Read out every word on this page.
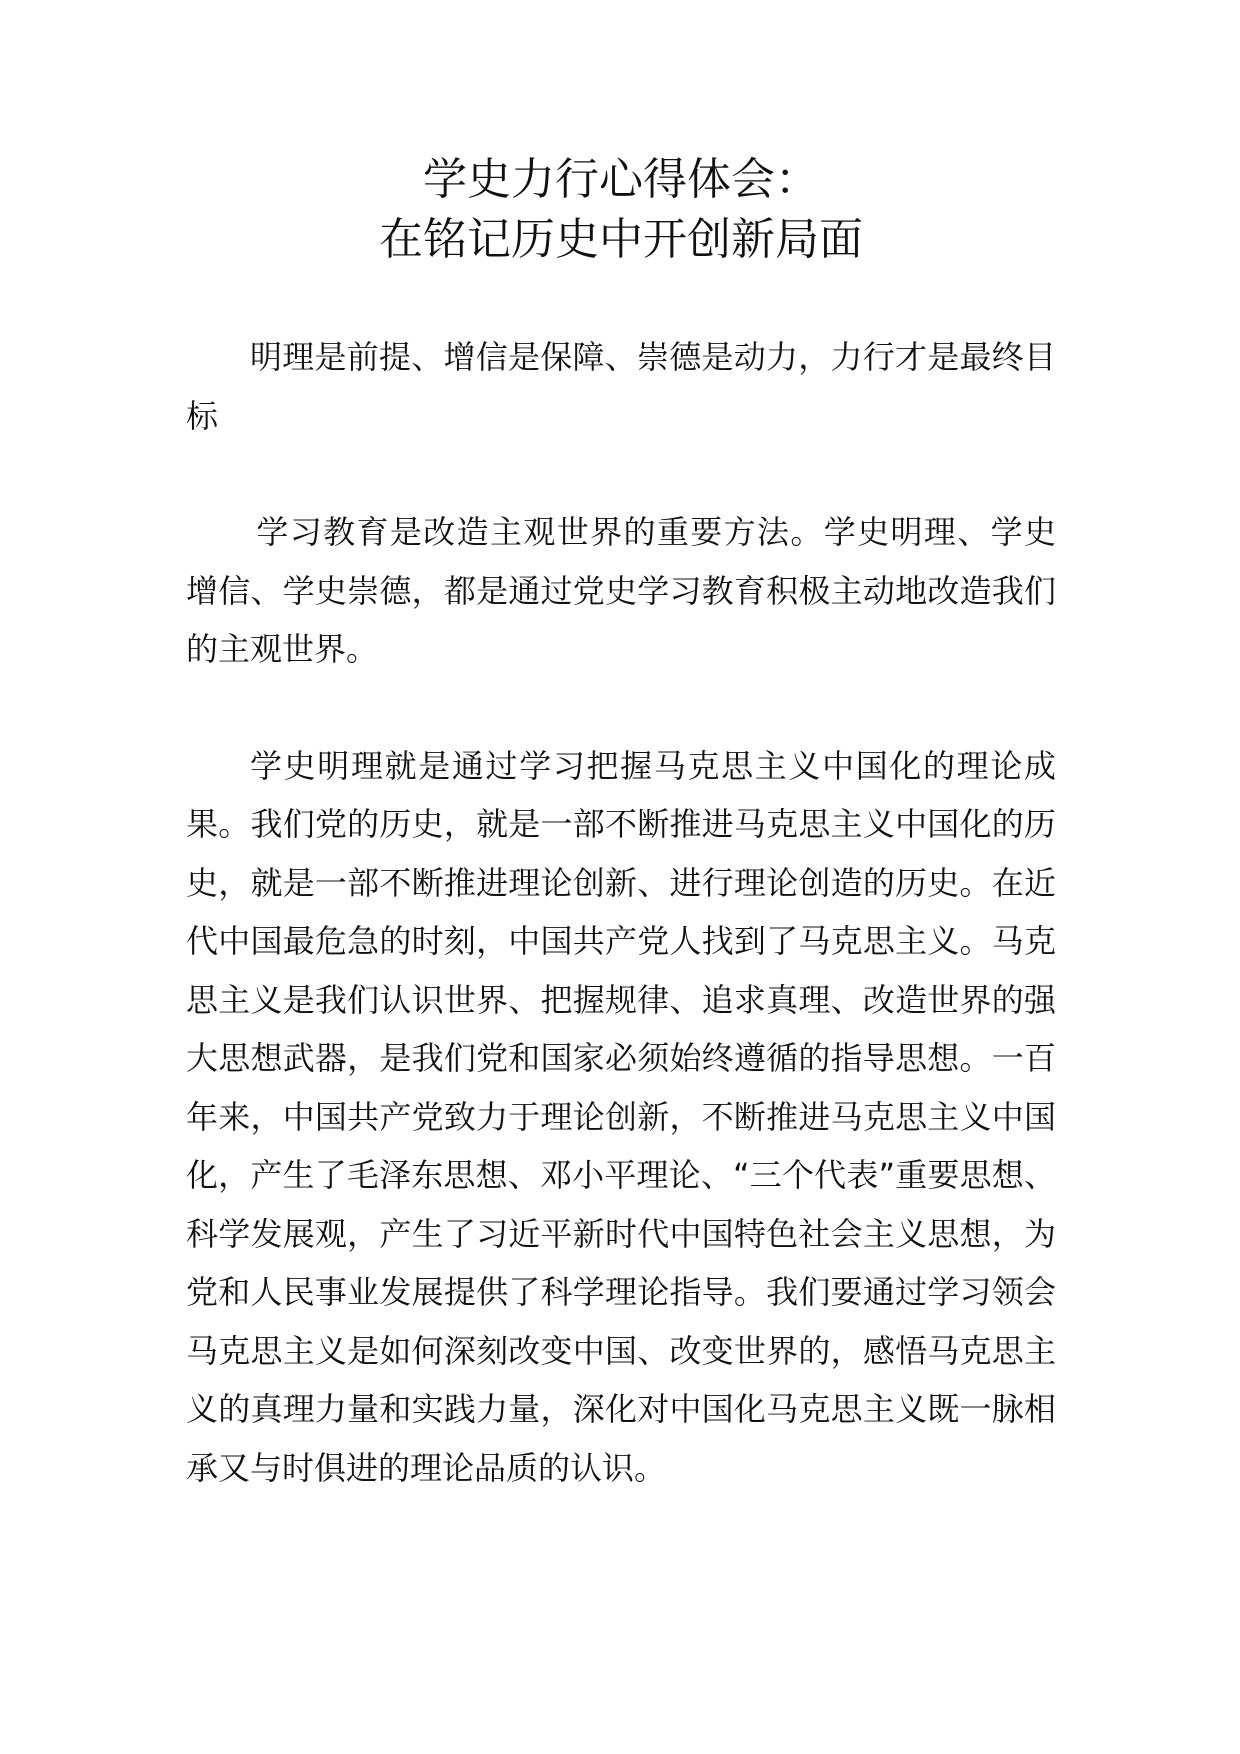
学史力行心得体会：
在铭记历史中开创新局面

明理是前提、增信是保障、崇德是动力，力行才是最终目标

学习教育是改造主观世界的重要方法。学史明理、学史增信、学史崇德，都是通过党史学习教育积极主动地改造我们的主观世界。

学史明理就是通过学习把握马克思主义中国化的理论成果。我们党的历史，就是一部不断推进马克思主义中国化的历史，就是一部不断推进理论创新、进行理论创造的历史。在近代中国最危急的时刻，中国共产党人找到了马克思主义。马克思主义是我们认识世界、把握规律、追求真理、改造世界的强大思想武器，是我们党和国家必须始终遵循的指导思想。一百年来，中国共产党致力于理论创新，不断推进马克思主义中国化，产生了毛泽东思想、邓小平理论、“三个代表”重要思想、科学发展观，产生了习近平新时代中国特色社会主义思想，为党和人民事业发展提供了科学理论指导。我们要通过学习领会马克思主义是如何深刻改变中国、改变世界的，感悟马克思主义的真理力量和实践力量，深化对中国化马克思主义既一脉相承又与时俱进的理论品质的认识。
